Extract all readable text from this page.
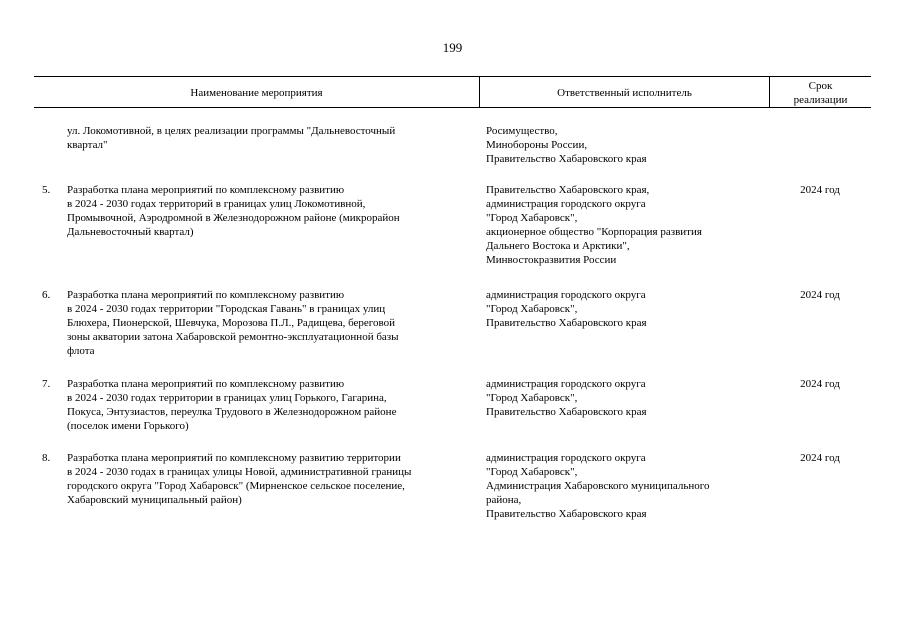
199
Наименование мероприятия	Ответственный исполнитель
Срок
реализации
ул. Локомотивной, в целях реализации программы "Дальневосточный
квартал"
Росимущество,
Минобороны России,
Правительство Хабаровского края
5. Разработка плана мероприятий по комплексному развитию
в 2024 - 2030 годах территорий в границах улиц Локомотивной,
Промывочной, Аэродромной в Железнодорожном районе (микрорайон
Дальневосточный квартал)
Правительство Хабаровского края,
администрация городского округа
"Город Хабаровск",
акционерное общество "Корпорация развития
Дальнего Востока и Арктики",
Минвостокразвития России
2024 год
6. Разработка плана мероприятий по комплексному развитию
в 2024 - 2030 годах территории "Городская Гавань" в границах улиц
Блюхера, Пионерской, Шевчука, Морозова П.Л., Радищева, береговой
зоны акватории затона Хабаровской ремонтно-эксплуатационной базы
флота
администрация городского округа
"Город Хабаровск",
Правительство Хабаровского края
2024 год
7. Разработка плана мероприятий по комплексному развитию
в 2024 - 2030 годах территории в границах улиц Горького, Гагарина,
Покуса, Энтузиастов, переулка Трудового в Железнодорожном районе
(поселок имени Горького)
администрация городского округа
"Город Хабаровск",
Правительство Хабаровского края
2024 год
8. Разработка плана мероприятий по комплексному развитию территории
в 2024 - 2030 годах в границах улицы Новой, административной границы
городского округа "Город Хабаровск" (Мирненское сельское поселение,
Хабаровский муниципальный район)
администрация городского округа
"Город Хабаровск",
Администрация Хабаровского муниципального
района,
Правительство Хабаровского края
2024 год
